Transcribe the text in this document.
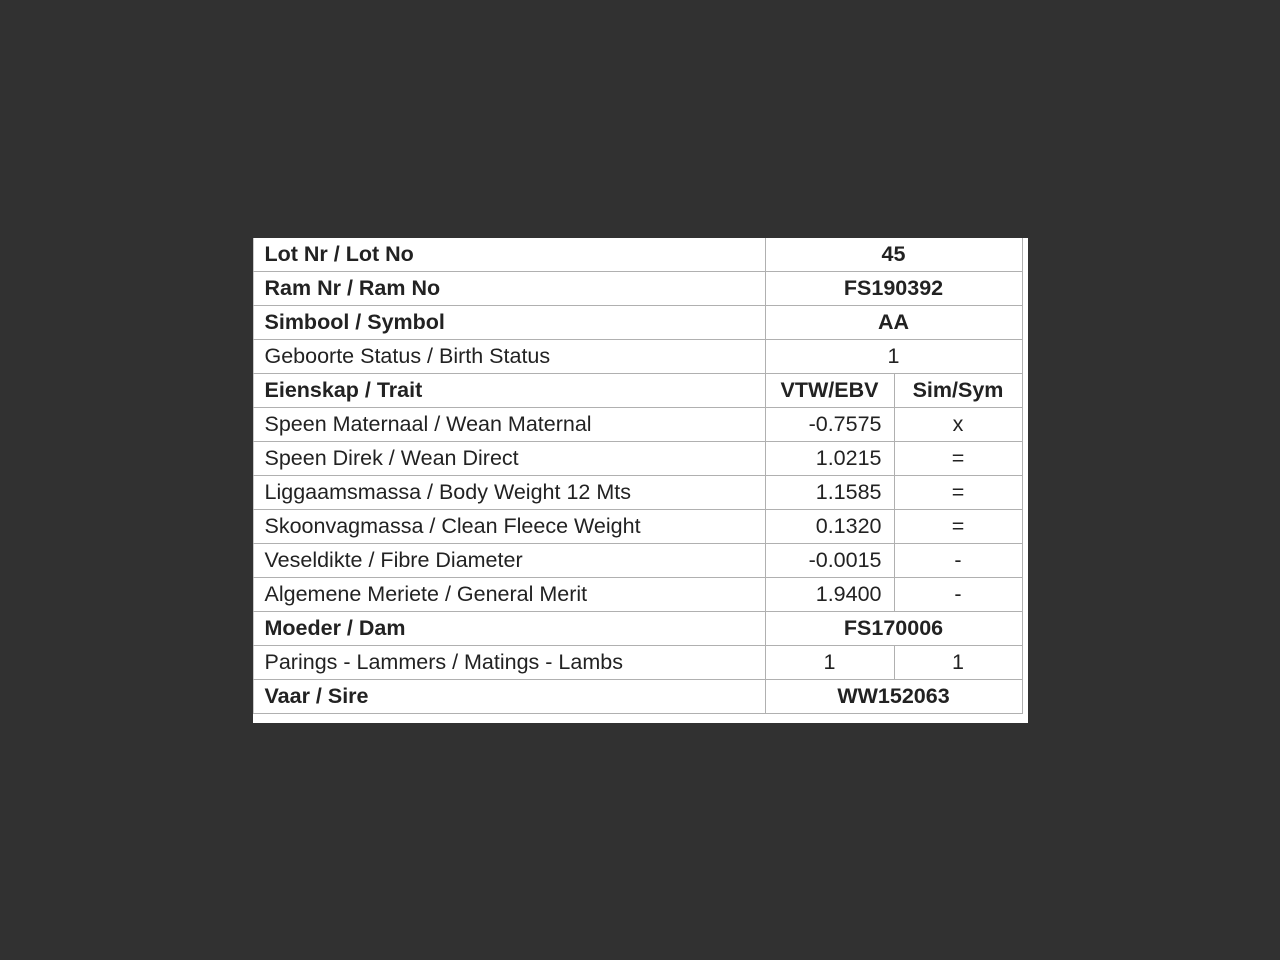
Lot Nr / Lot No	45	
Ram Nr / Ram No	FS190392	
Simbool / Symbol	AA	
Geboorte Status / Birth Status	1	
Eienskap / Trait	VTW/EBV	Sim/Sym
Speen Maternaal / Wean Maternal	-0.7575	x
Speen Direk / Wean Direct	1.0215	=
Liggaamsmassa / Body Weight 12 Mts	1.1585	=
Skoonvagmassa / Clean Fleece Weight	0.1320	=
Veseldikte / Fibre Diameter	-0.0015	-
Algemene Meriete / General Merit	1.9400	-
Moeder / Dam	FS170006	
Parings - Lammers / Matings - Lambs	1	1
Vaar / Sire	WW152063	
